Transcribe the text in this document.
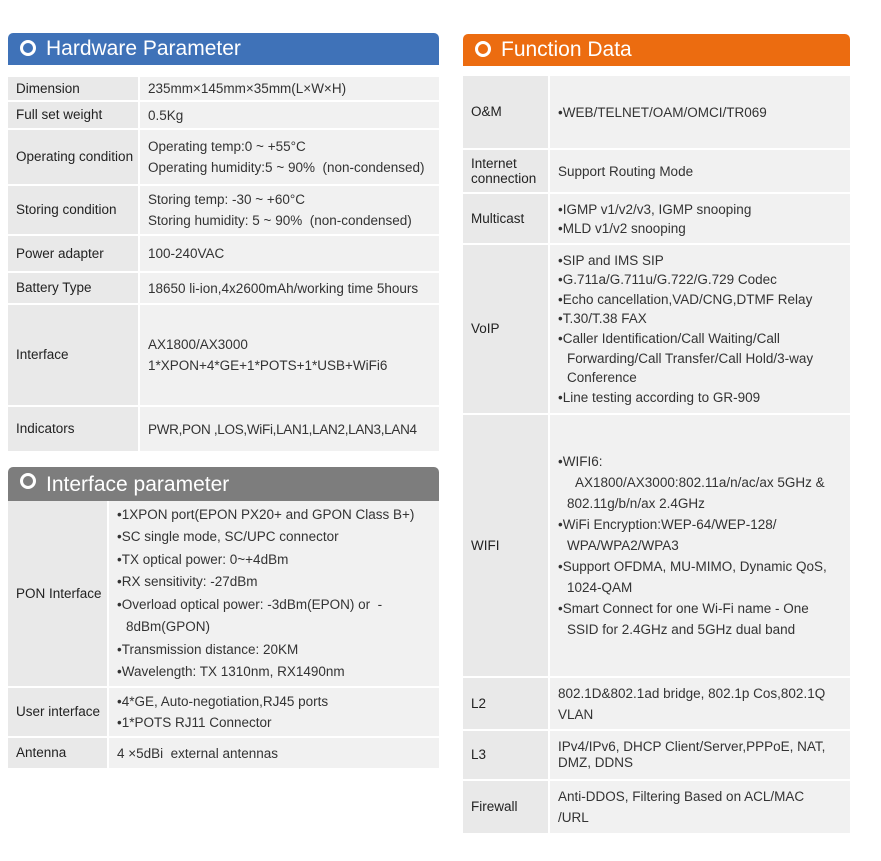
Hardware Parameter
Dimension	235mm×145mm×35mm(L×W×H)
Full set weight	0.5Kg
Operating condition
Operating temp:0 ~ +55°C
Operating humidity:5 ~ 90%  (non-condensed)
Storing condition
Storing temp: -30 ~ +60°C
Storing humidity: 5 ~ 90%  (non-condensed)
Power adapter	100-240VAC
Battery Type	18650 li-ion,4x2600mAh/working time 5hours
Interface
AX1800/AX3000
1*XPON+4*GE+1*POTS+1*USB+WiFi6
Indicators	PWR,PON ,LOS,WiFi,LAN1,LAN2,LAN3,LAN4
Interface parameter
PON Interface
• 1XPON port(EPON PX20+ and GPON Class B+)
• SC single mode, SC/UPC connector
• TX optical power: 0~+4dBm
• RX sensitivity: -27dBm
• Overload optical power: -3dBm(EPON) or  -
8dBm(GPON)
• Transmission distance: 20KM
• Wavelength: TX 1310nm, RX1490nm
User interface
• 4*GE, Auto-negotiation,RJ45 ports
• 1*POTS RJ11 Connector
Antenna	4 ×5dBi  external antennas
Function Data
O&M
•	WEB/TELNET/OAM/OMCI/TR069
Internet connection	Support Routing Mode
Multicast
• IGMP v1/v2/v3, IGMP snooping
• MLD v1/v2 snooping
VoIP
• SIP and IMS SIP
• G.711a/G.711u/G.722/G.729 Codec
• Echo cancellation,VAD/CNG,DTMF Relay
• T.30/T.38 FAX
• Caller Identification/Call Waiting/Call
Forwarding/Call Transfer/Call Hold/3-way
Conference
• Line testing according to GR-909
WIFI
• WIFI6:
AX1800/AX3000:802.11a/n/ac/ax 5GHz &
802.11g/b/n/ax 2.4GHz
• WiFi Encryption:WEP-64/WEP-128/
WPA/WPA2/WPA3
• Support OFDMA, MU-MIMO, Dynamic QoS,
1024-QAM
• Smart Connect for one Wi-Fi name - One
SSID for 2.4GHz and 5GHz dual band
L2
802.1D&802.1ad bridge, 802.1p Cos,802.1Q
VLAN
L3
IPv4/IPv6, DHCP Client/Server,PPPoE, NAT,
DMZ, DDNS
Firewall
Anti-DDOS, Filtering Based on ACL/MAC
/URL
